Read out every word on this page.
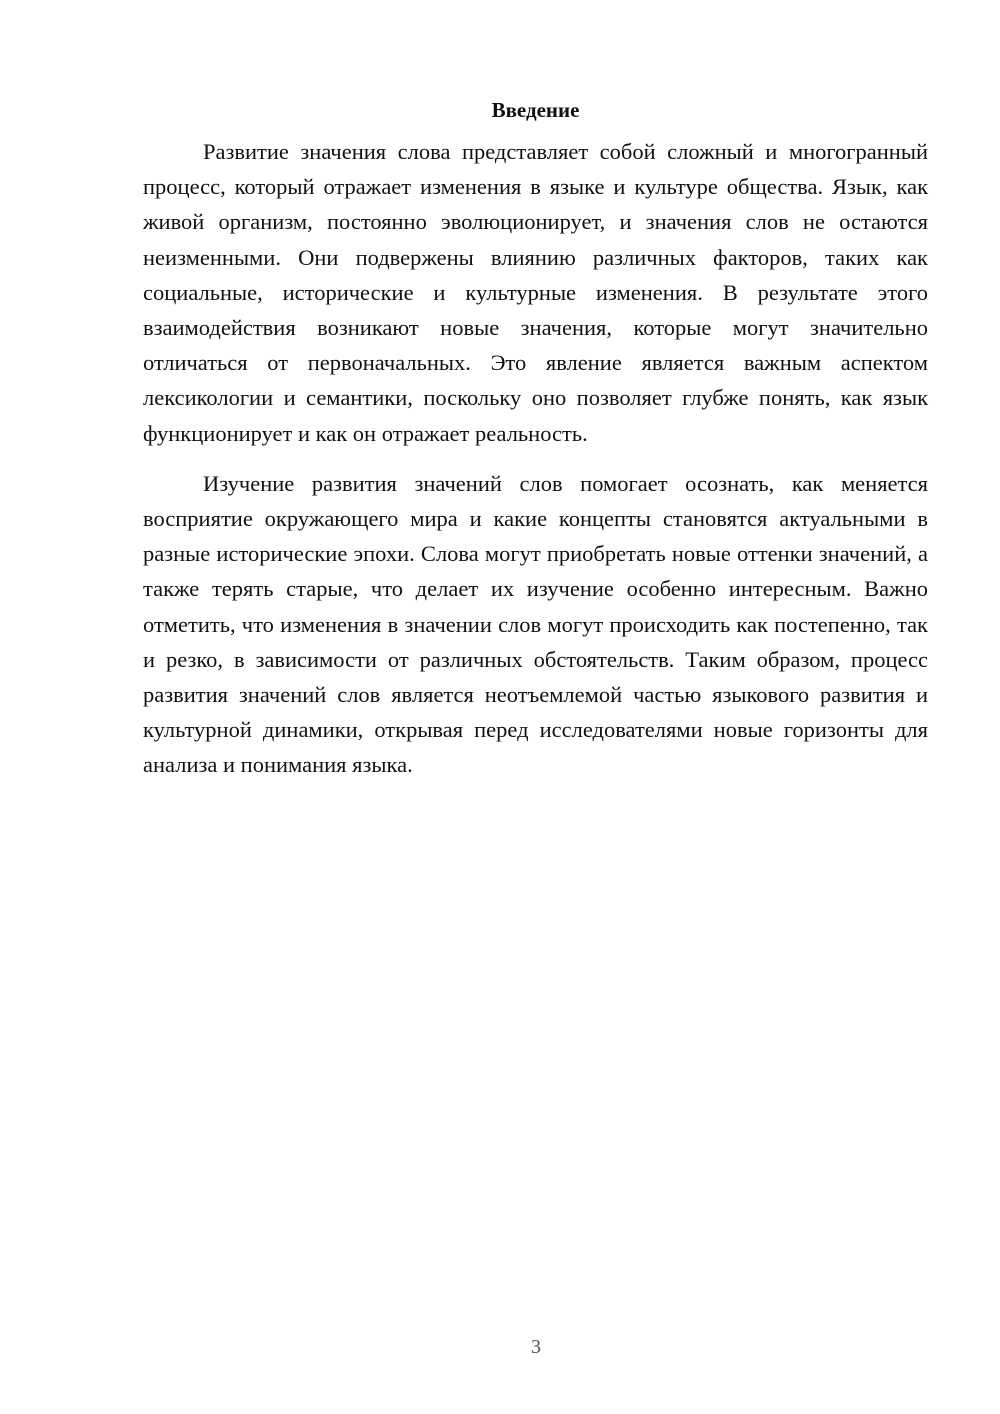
Введение

Развитие значения слова представляет собой сложный и многогранный процесс, который отражает изменения в языке и культуре общества. Язык, как живой организм, постоянно эволюционирует, и значения слов не остаются неизменными. Они подвержены влиянию различных факторов, таких как социальные, исторические и культурные изменения. В результате этого взаимодействия возникают новые значения, которые могут значительно отличаться от первоначальных. Это явление является важным аспектом лексикологии и семантики, поскольку оно позволяет глубже понять, как язык функционирует и как он отражает реальность.

Изучение развития значений слов помогает осознать, как меняется восприятие окружающего мира и какие концепты становятся актуальными в разные исторические эпохи. Слова могут приобретать новые оттенки значений, а также терять старые, что делает их изучение особенно интересным. Важно отметить, что изменения в значении слов могут происходить как постепенно, так и резко, в зависимости от различных обстоятельств. Таким образом, процесс развития значений слов является неотъемлемой частью языкового развития и культурной динамики, открывая перед исследователями новые горизонты для анализа и понимания языка.

3
